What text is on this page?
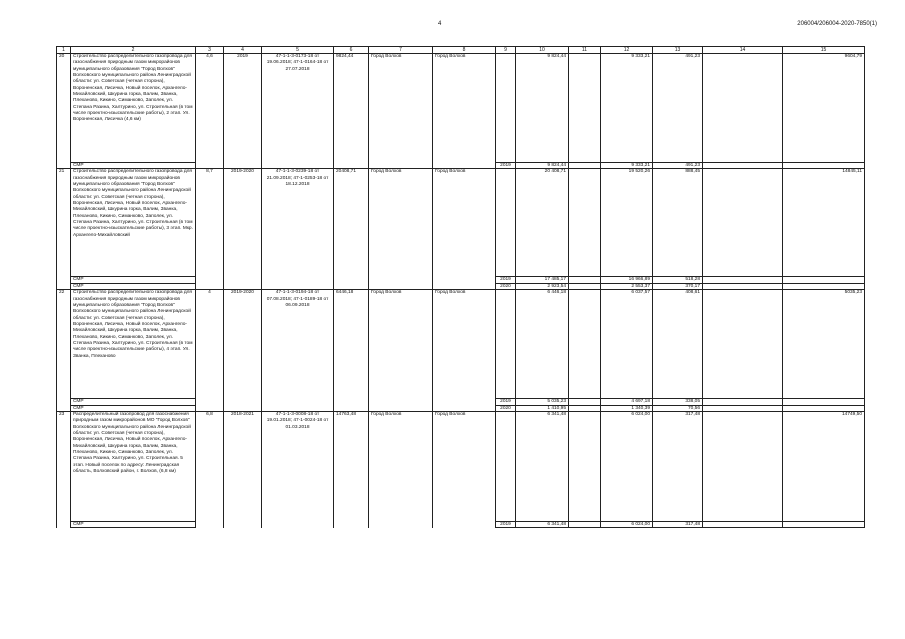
4	206004/206004-2020-7850(1)
1	2	3	4	5	6	7	8	9	10	11	12	13	14	15
20	Строительство распределительного газопровода для газоснабжения природным газом микрорайонов муниципального образования "Город Волхов" Волховского муниципального района Ленинградской области: ул. Советская (четная сторона), Вороненская, Лисичка, Новый поселок, Архангело-Михайловский, Шкурина горка, Валим, Званка, Плеханово, Кикино, Симанково, Заполек, ул. Степана Разина, Халтурино, ул. Строительная (в том числе проектно-изыскательские работы), 2 этап. Ул. Вороненская, Лисичка (4,6 км)	4,6	2019	47-1-1-3-0173-18 от 19.06.2018; 47-1-0164-18 от 27.07.2018	9824,44	Город Волхов	Город Волхов		9 824,44		9 333,21	491,23		9604,79
	СМР							2019	9 824,44		9 333,21	491,23		
21	Строительство распределительного газопровода для газоснабжения природным газом микрорайонов муниципального образования "Город Волхов" Волховского муниципального района Ленинградской области: ул. Советская (четная сторона), Вороненская, Лисичка, Новый поселок, Архангело-Михайловский, Шкурина горка, Валим, Званка, Плеханово, Кикино, Симанково, Заполек, ул. Степана Разина, Халтурино, ул. Строительная (в том числе проектно-изыскательские работы), 3 этап. Мкр. Архангело-Михайловский	8,7	2019-2020	47-1-1-3-0239-18 от 21.09.2018; 47-1-0253-18 от 18.12.2018	20408,71	Город Волхов	Город Волхов		20 408,71		19 520,26	888,45		14845,11
	СМР							2019	17 485,17		16 966,89	518,28		
	СМР							2020	2 923,54		2 553,37	370,17		
22	Строительство распределительного газопровода для газоснабжения природным газом микрорайонов муниципального образования "Город Волхов" Волховского муниципального района Ленинградской области: ул. Советская (четная сторона), Вороненская, Лисичка, Новый поселок, Архангело-Михайловский, Шкурина горка, Валим, Званка, Плеханово, Кикино, Симанково, Заполек, ул. Степана Разина, Халтурино, ул. Строительная (в том числе проектно-изыскательские работы), 4 этап. Ул. Званка, Плеханово	4	2019-2020	47-1-1-3-0194-18 от 07.08.2018; 47-1-0189-18 от 06.09.2018	6446,18	Город Волхов	Город Волхов		6 446,18		6 037,57	408,61		5035,23
	СМР							2019	5 035,23		4 697,18	338,05		
	СМР							2020	1 410,95		1 340,39	70,56		
23	Распределительный газопровод для газоснабжения природным газом микрорайонов МО "Город Волхов" Волховского муниципального района Ленинградской области: ул. Советская (четная сторона), Вороненская, Лисичка, Новый поселок, Архангело-Михайловский, Шкурина горка, Валим, Званка, Плеханово, Кикино, Симанково, Заполек, ул. Степана Разина, Халтурино, ул. Строительная. 5 этап. Новый поселок по адресу: Ленинградская область, Волховский район, г. Волхов, (6,8 км)	6,8	2018-2021	47-1-1-3-0008-18 от 19.01.2018; 47-1-0024-18 от 01.03.2018	14763,48	Город Волхов	Город Волхов		6 341,48		6 024,00	317,48		14749,50
	СМР							2019	6 341,48		6 024,00	317,48		
